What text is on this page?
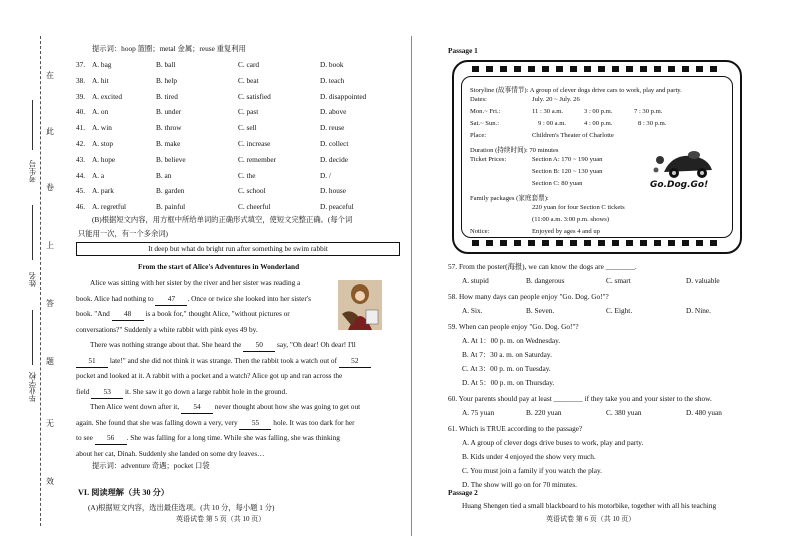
在
此
卷
上
答
题
无
效
考生号
姓名
毕业学校
提示词：hoop 篮圈；metal 金属；reuse 重复利用
37. A. bag	B. ball	C. card	D. book
38. A. hit	B. help	C. beat	D. teach
39. A. excited	B. tired	C. satisfied	D. disappointed
40. A. on	B. under	C. past	D. above
41. A. win	B. throw	C. sell	D. reuse
42. A. stop	B. make	C. increase	D. collect
43. A. hope	B. believe	C. remember	D. decide
44. A. a	B. an	C. the	D. /
45. A. park	B. garden	C. school	D. house
46. A. regretful	B. painful	C. cheerful	D. peaceful
(B)根据短文内容，用方框中所给单词的正确形式填空，使短文完整正确。(每个词
只能用一次，有一个多余词)
It deep but what do bright run after something be swim rabbit
From the start of Alice's Adventures in Wonderland

Alice was sitting with her sister by the river and her sister was reading a

book. Alice had nothing to 47 . Once or twice she looked into her sister's

book. "And 48 is a book for," thought Alice, "without pictures or

conversations?" Suddenly a white rabbit with pink eyes 49 by.

There was nothing strange about that. She heard the 50 say, "Oh dear! Oh dear! I'll

51 late!" and she did not think it was strange. Then the rabbit took a watch out of 52

pocket and looked at it. A rabbit with a pocket and a watch? Alice got up and ran across the

field 53 it. She saw it go down a large rabbit hole in the ground.

Then Alice went down after it, 54 never thought about how she was going to get out

again. She found that she was falling down a very, very 55 hole. It was too dark for her

to see 56 . She was falling for a long time. While she was falling, she was thinking

about her cat, Dinah. Suddenly she landed on some dry leaves…

提示词：adventure 奇遇；pocket 口袋
VI. 阅读理解（共 30 分）
(A)根据短文内容，选出最佳选项。(共 10 分，每小题 1 分)
英语试卷 第 5 页（共 10 页）
Passage 1
Storyline (故事情节): A group of clever dogs drive cars to work, play and party.
Dates:	July. 20 ~ July. 26
Mon.~ Fri.:	11 : 30 a.m.	3 : 00 p.m.	7 : 30 p.m.
Sat.~ Sun.:	9 : 00 a.m.	4 : 00 p.m.	8 : 30 p.m.
Place:	Children's Theater of Charlotte
Duration (持续时间): 70 minutes
Ticket Prices:	Section A: 170 ~ 190 yuan
Section B: 120 ~ 130 yuan
Section C: 80 yuan
Family packages (家庭套票):
220 yuan for four Section C tickets
(11:00 a.m. 3:00 p.m. shows)
Notice:	Enjoyed by ages 4 and up
Go.Dog.Go!
57. From the poster(海报), we can know the dogs are ________.
A. stupid	B. dangerous	C. smart	D. valuable
58. How many days can people enjoy "Go. Dog. Go!"?
A. Six.	B. Seven.	C. Eight.	D. Nine.
59. When can people enjoy "Go. Dog. Go!"?
A. At 1：00 p. m. on Wednesday.
B. At 7：30 a. m. on Saturday.
C. At 3：00 p. m. on Tuesday.
D. At 5：00 p. m. on Thursday.
60. Your parents should pay at least ________ if they take you and your sister to the show.
A. 75 yuan	B. 220 yuan	C. 380 yuan	D. 480 yuan
61. Which is TRUE according to the passage?
A. A group of clever dogs drive buses to work, play and party.
B. Kids under 4 enjoyed the show very much.
C. You must join a family if you watch the play.
D. The show will go on for 70 minutes.
Passage 2
Huang Shengen tied a small blackboard to his motorbike, together with all his teaching
英语试卷 第 6 页（共 10 页）
